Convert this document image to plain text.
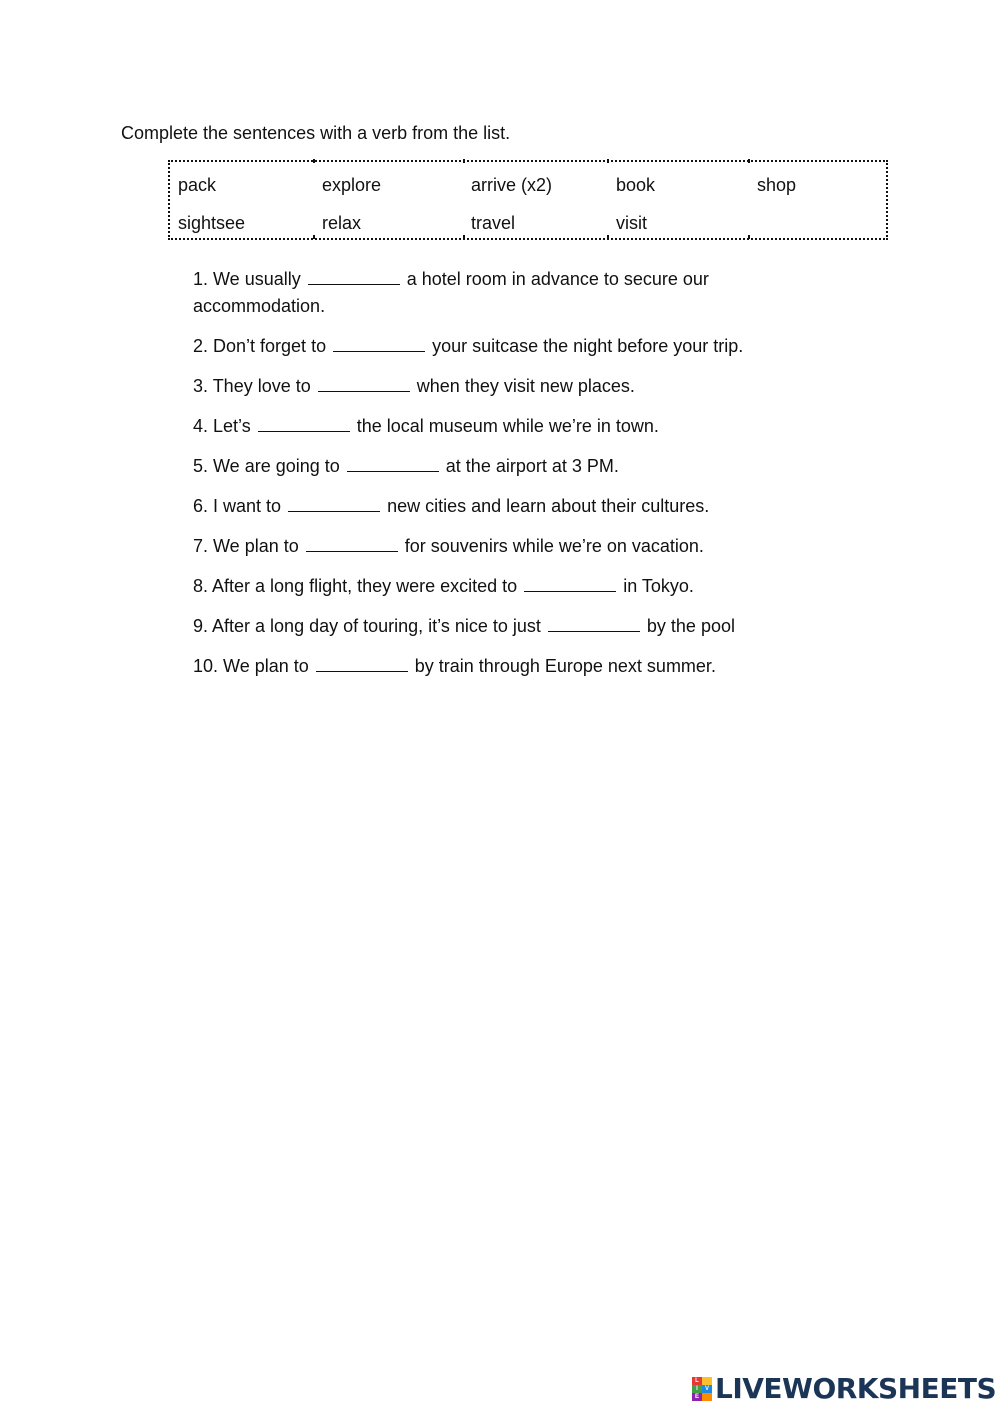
Complete the sentences with a verb from the list.
pack	explore	arrive (x2)	book	shop
sightsee	relax	travel	visit
1. We usually	a hotel room in advance to secure our
accommodation.
2. Don’t forget to	your suitcase the night before your trip.
3. They love to	when they visit new places.
4. Let’s	the local museum while we’re in town.
5. We are going to	at the airport at 3 PM.
6. I want to	new cities and learn about their cultures.
7. We plan to	for souvenirs while we’re on vacation.
8. After a long flight, they were excited to	in Tokyo.
9. After a long day of touring, it’s nice to just	by the pool
10. We plan to	by train through Europe next summer.
L
I	V
E LIVEWORKSHEETS
